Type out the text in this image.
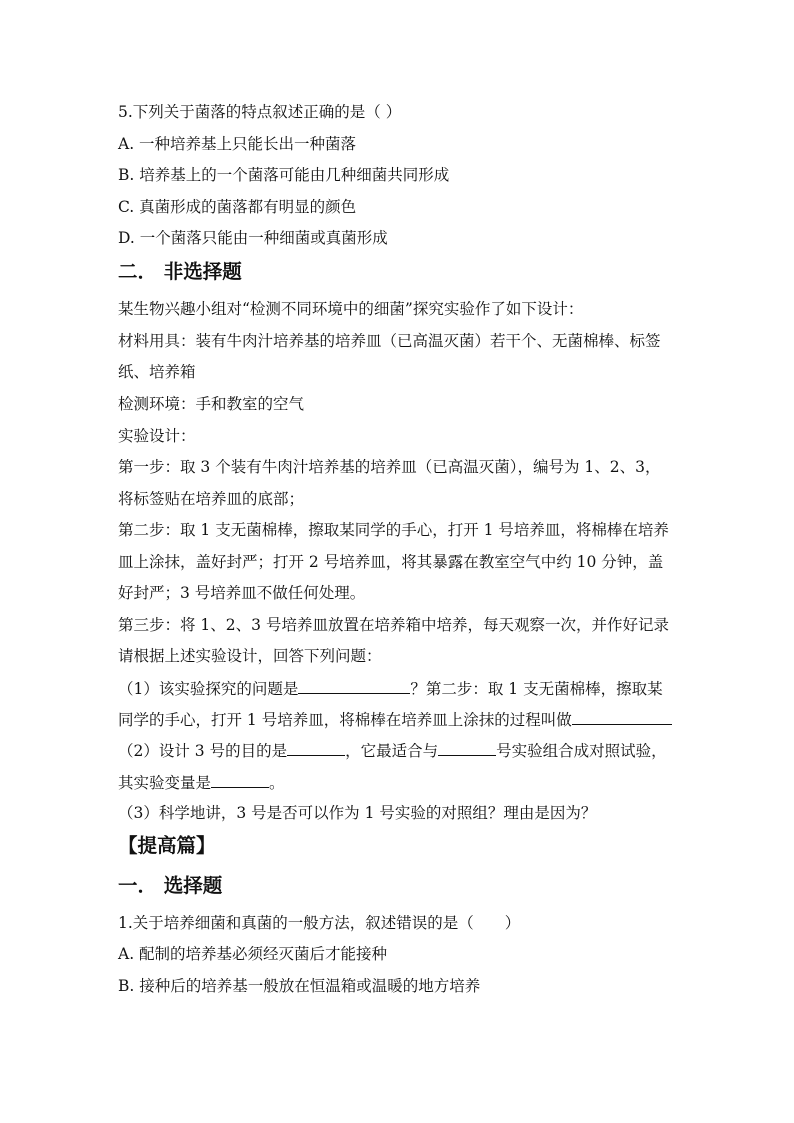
5.下列关于菌落的特点叙述正确的是（ ）
A. 一种培养基上只能长出一种菌落
B. 培养基上的一个菌落可能由几种细菌共同形成
C. 真菌形成的菌落都有明显的颜色
D. 一个菌落只能由一种细菌或真菌形成
二． 非选择题
某生物兴趣小组对“检测不同环境中的细菌”探究实验作了如下设计：
材料用具：装有牛肉汁培养基的培养皿（已高温灭菌）若干个、无菌棉棒、标签
纸、培养箱
检测环境：手和教室的空气
实验设计：
第一步：取 3 个装有牛肉汁培养基的培养皿（已高温灭菌），编号为 1、2、3，
将标签贴在培养皿的底部；
第二步：取 1 支无菌棉棒，擦取某同学的手心，打开 1 号培养皿，将棉棒在培养
皿上涂抹，盖好封严；打开 2 号培养皿，将其暴露在教室空气中约 10 分钟，盖
好封严；3 号培养皿不做任何处理。
第三步：将 1、2、3 号培养皿放置在培养箱中培养，每天观察一次，并作好记录
请根据上述实验设计，回答下列问题：
（1）该实验探究的问题是	？第二步：取 1 支无菌棉棒，擦取某
同学的手心，打开 1 号培养皿，将棉棒在培养皿上涂抹的过程叫做
（2）设计 3 号的目的是	，它最适合与	号实验组合成对照试验，
其实验变量是	。
（3）科学地讲，3 号是否可以作为 1 号实验的对照组？理由是因为？
【提高篇】
一． 选择题
1.关于培养细菌和真菌的一般方法，叙述错误的是（　　）
A. 配制的培养基必须经灭菌后才能接种
B. 接种后的培养基一般放在恒温箱或温暖的地方培养
